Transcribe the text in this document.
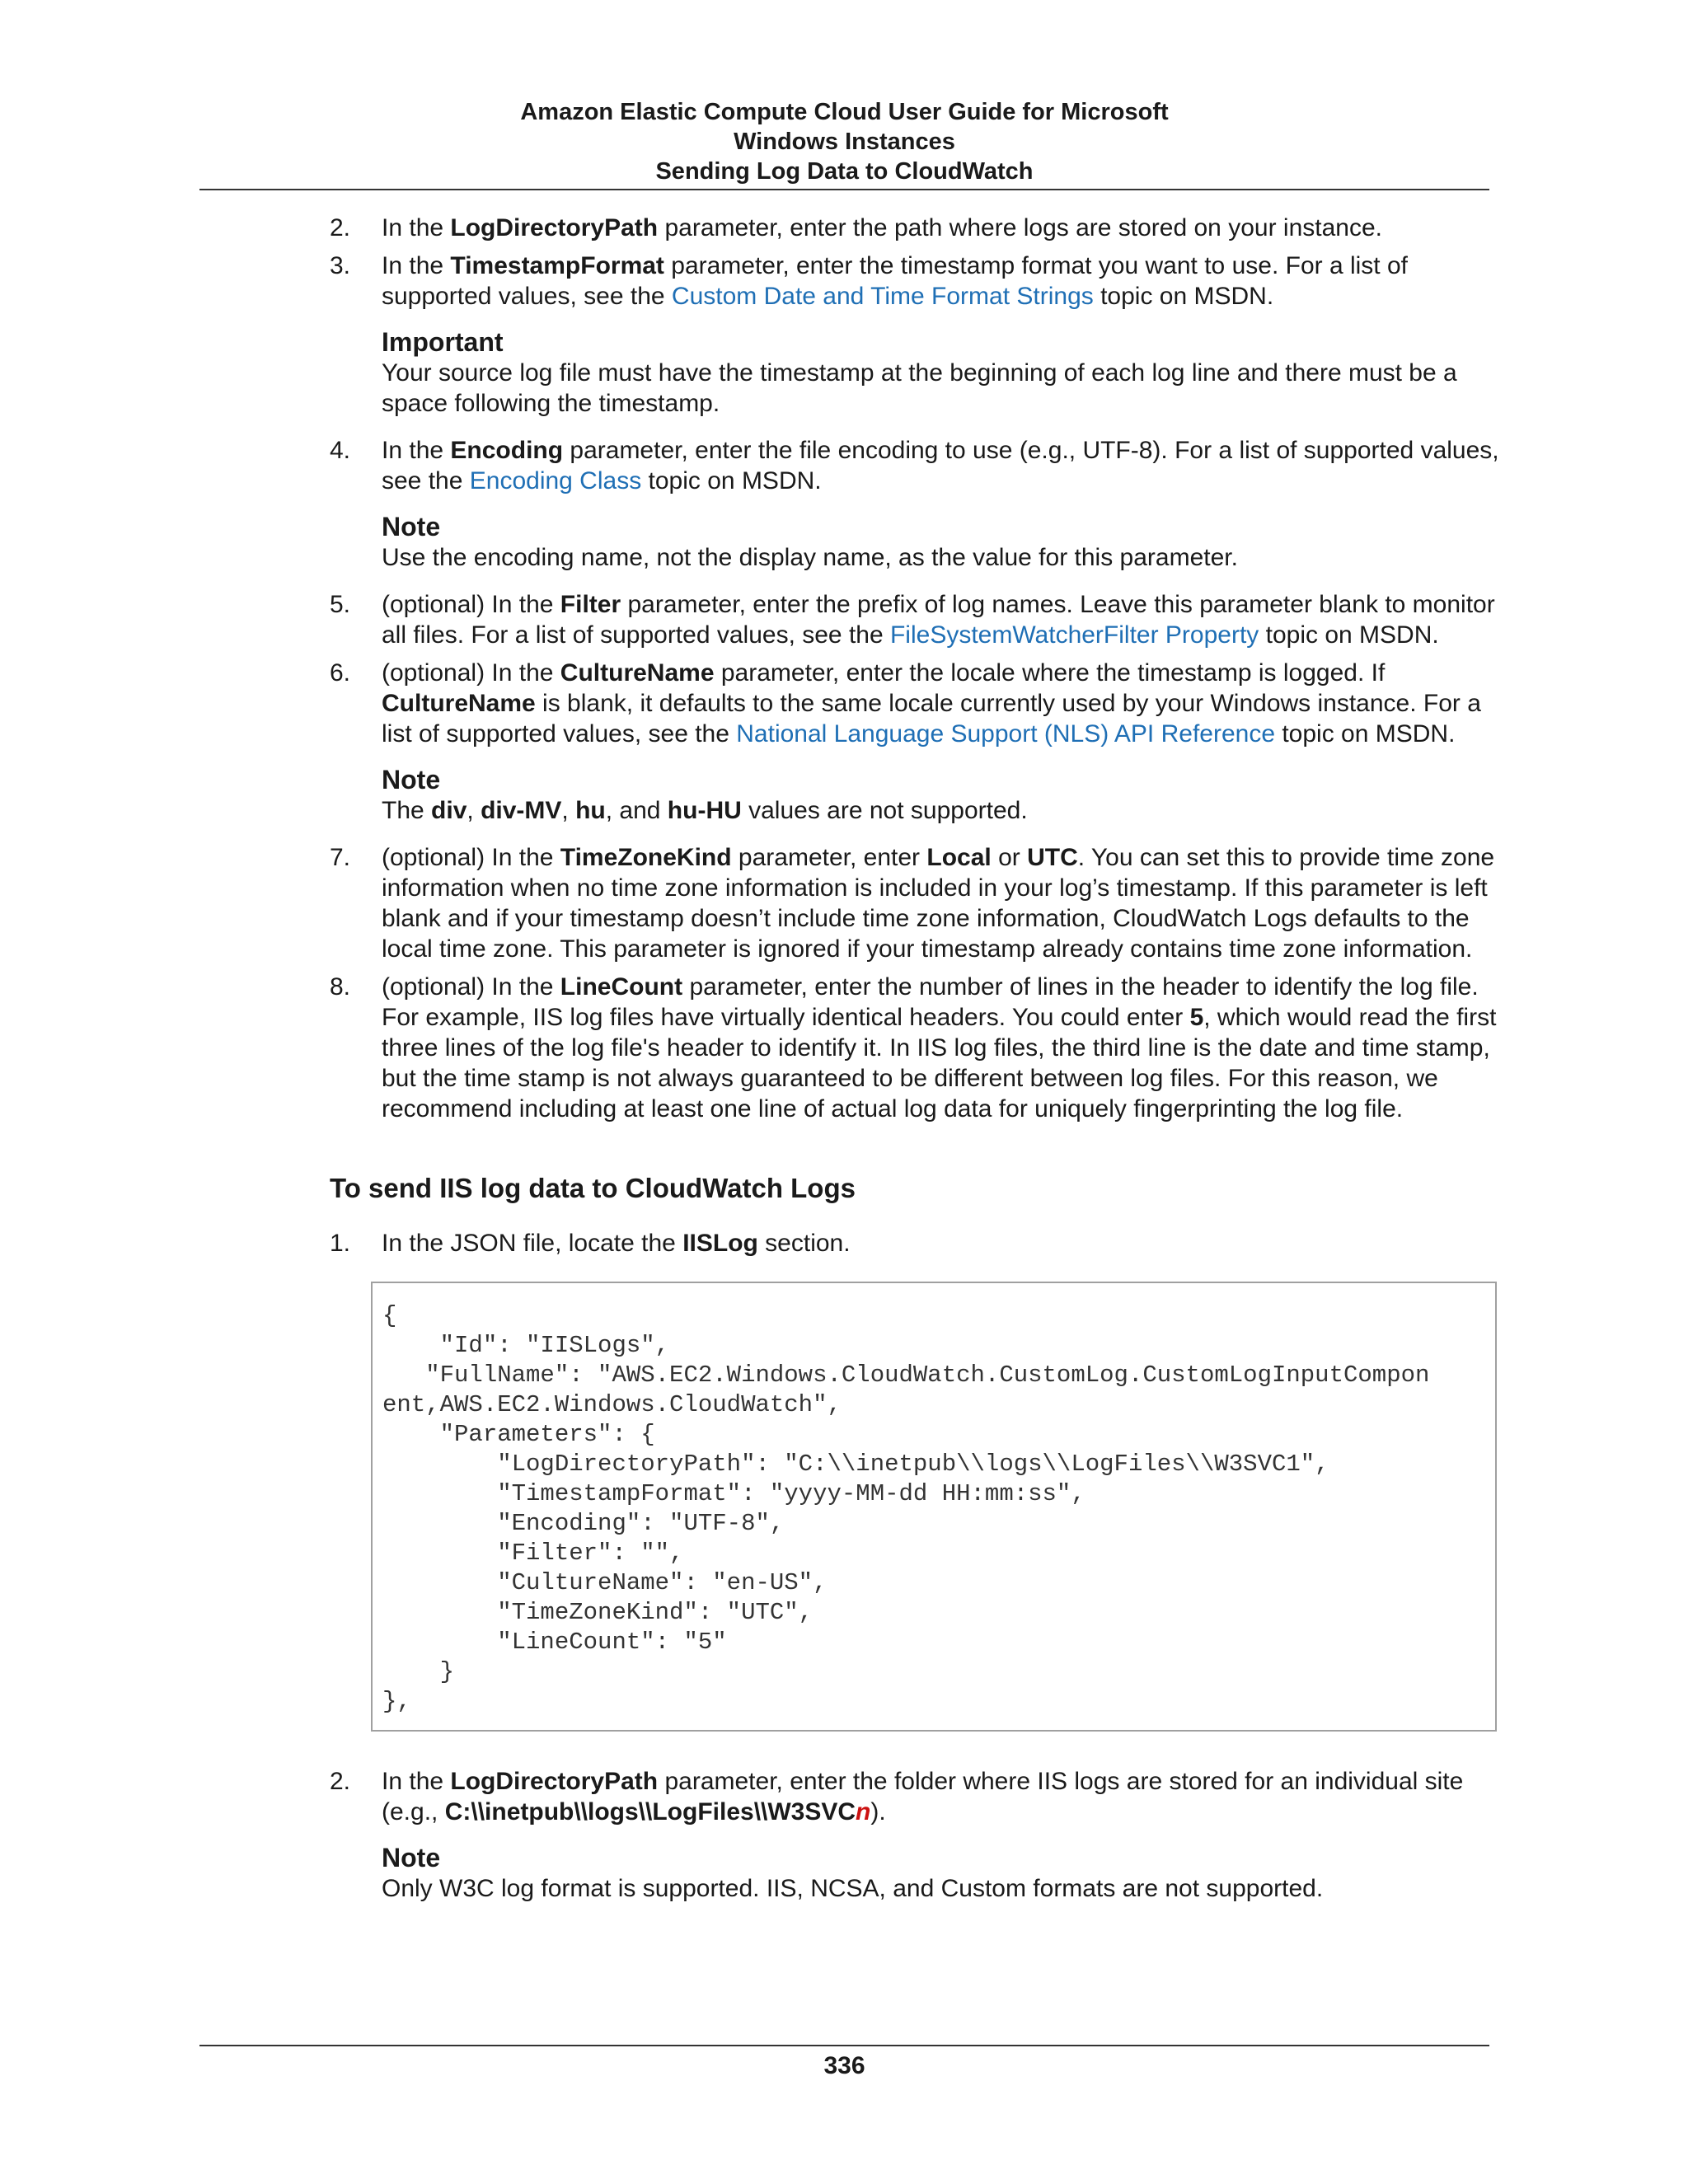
Amazon Elastic Compute Cloud User Guide for Microsoft
Windows Instances
Sending Log Data to CloudWatch
2. In the LogDirectoryPath parameter, enter the path where logs are stored on your instance.
3. In the TimestampFormat parameter, enter the timestamp format you want to use. For a list of supported values, see the Custom Date and Time Format Strings topic on MSDN.
Important
Your source log file must have the timestamp at the beginning of each log line and there must be a space following the timestamp.
4. In the Encoding parameter, enter the file encoding to use (e.g., UTF-8). For a list of supported values, see the Encoding Class topic on MSDN.
Note
Use the encoding name, not the display name, as the value for this parameter.
5. (optional) In the Filter parameter, enter the prefix of log names. Leave this parameter blank to monitor all files. For a list of supported values, see the FileSystemWatcherFilter Property topic on MSDN.
6. (optional) In the CultureName parameter, enter the locale where the timestamp is logged. If CultureName is blank, it defaults to the same locale currently used by your Windows instance. For a list of supported values, see the National Language Support (NLS) API Reference topic on MSDN.
Note
The div, div-MV, hu, and hu-HU values are not supported.
7. (optional) In the TimeZoneKind parameter, enter Local or UTC. You can set this to provide time zone information when no time zone information is included in your log’s timestamp. If this parameter is left blank and if your timestamp doesn’t include time zone information, CloudWatch Logs defaults to the local time zone. This parameter is ignored if your timestamp already contains time zone information.
8. (optional) In the LineCount parameter, enter the number of lines in the header to identify the log file. For example, IIS log files have virtually identical headers. You could enter 5, which would read the first three lines of the log file's header to identify it. In IIS log files, the third line is the date and time stamp, but the time stamp is not always guaranteed to be different between log files. For this reason, we recommend including at least one line of actual log data for uniquely fingerprinting the log file.
To send IIS log data to CloudWatch Logs
1. In the JSON file, locate the IISLog section.
{
"Id": "IISLogs",
"FullName": "AWS.EC2.Windows.CloudWatch.CustomLog.CustomLogInputCompon
ent,AWS.EC2.Windows.CloudWatch",
"Parameters": {
"LogDirectoryPath": "C:\\inetpub\\logs\\LogFiles\\W3SVC1",
"TimestampFormat": "yyyy-MM-dd HH:mm:ss",
"Encoding": "UTF-8",
"Filter": "",
"CultureName": "en-US",
"TimeZoneKind": "UTC",
"LineCount": "5"
}
},
2. In the LogDirectoryPath parameter, enter the folder where IIS logs are stored for an individual site (e.g., C:\\inetpub\\logs\\LogFiles\\W3SVCn).
Note
Only W3C log format is supported. IIS, NCSA, and Custom formats are not supported.
336
